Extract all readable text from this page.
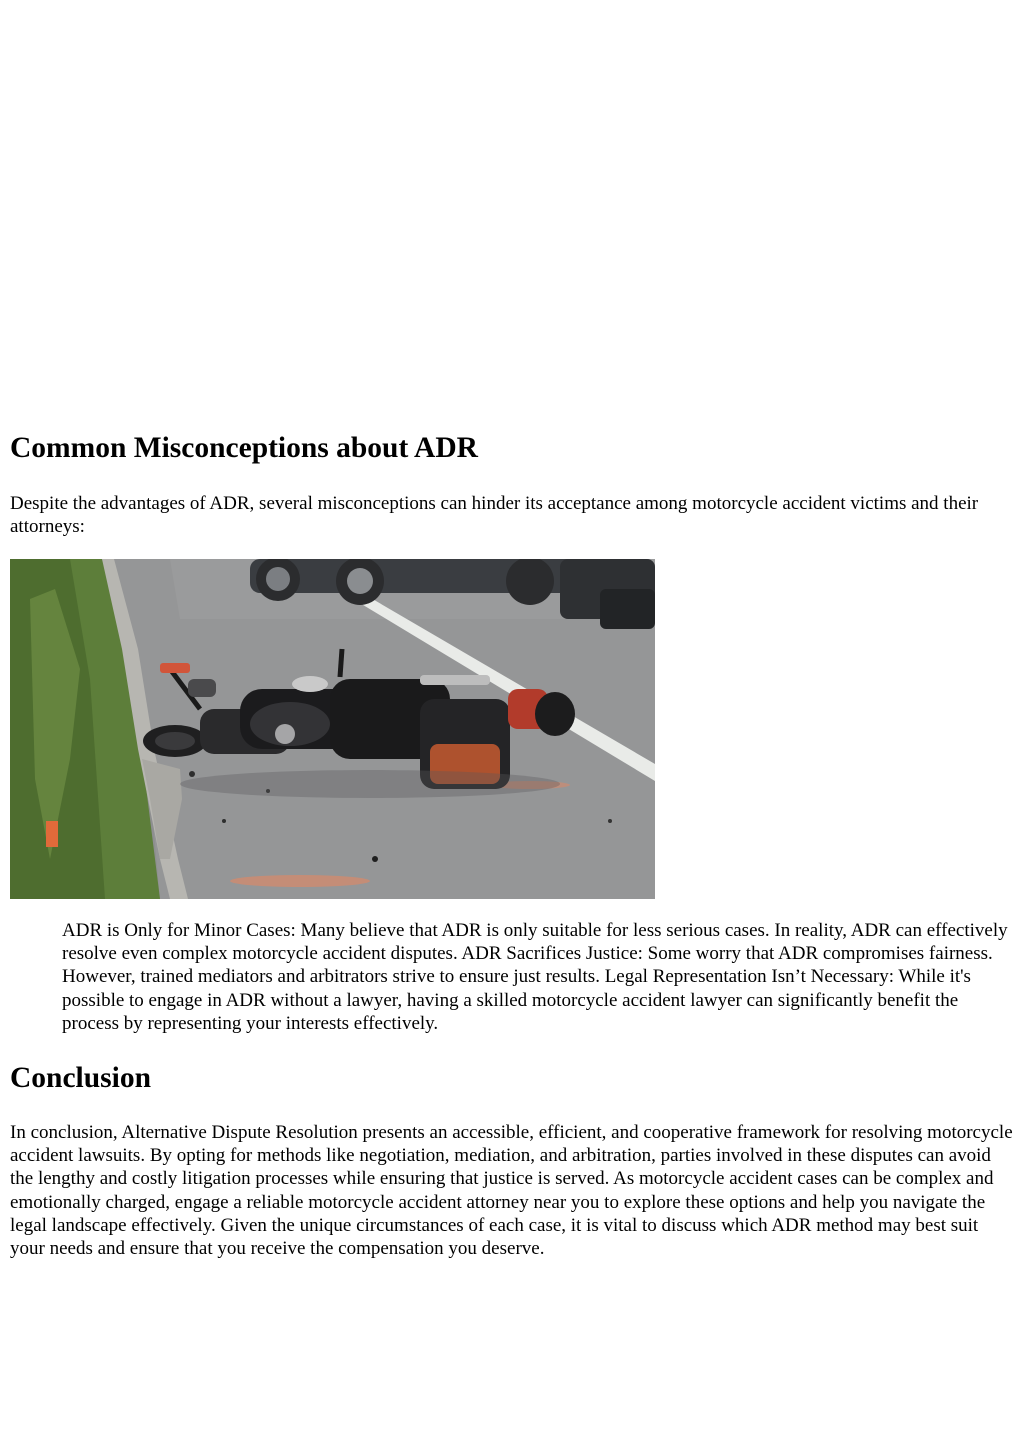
Common Misconceptions about ADR

Despite the advantages of ADR, several misconceptions can hinder its acceptance among motorcycle accident victims and their attorneys:

ADR is Only for Minor Cases: Many believe that ADR is only suitable for less serious cases. In reality, ADR can effectively resolve even complex motorcycle accident disputes. ADR Sacrifices Justice: Some worry that ADR compromises fairness. However, trained mediators and arbitrators strive to ensure just results. Legal Representation Isn’t Necessary: While it's possible to engage in ADR without a lawyer, having a skilled motorcycle accident lawyer can significantly benefit the process by representing your interests effectively.
Conclusion

In conclusion, Alternative Dispute Resolution presents an accessible, efficient, and cooperative framework for resolving motorcycle accident lawsuits. By opting for methods like negotiation, mediation, and arbitration, parties involved in these disputes can avoid the lengthy and costly litigation processes while ensuring that justice is served. As motorcycle accident cases can be complex and emotionally charged, engage a reliable motorcycle accident attorney near you to explore these options and help you navigate the legal landscape effectively. Given the unique circumstances of each case, it is vital to discuss which ADR method may best suit your needs and ensure that you receive the compensation you deserve.
